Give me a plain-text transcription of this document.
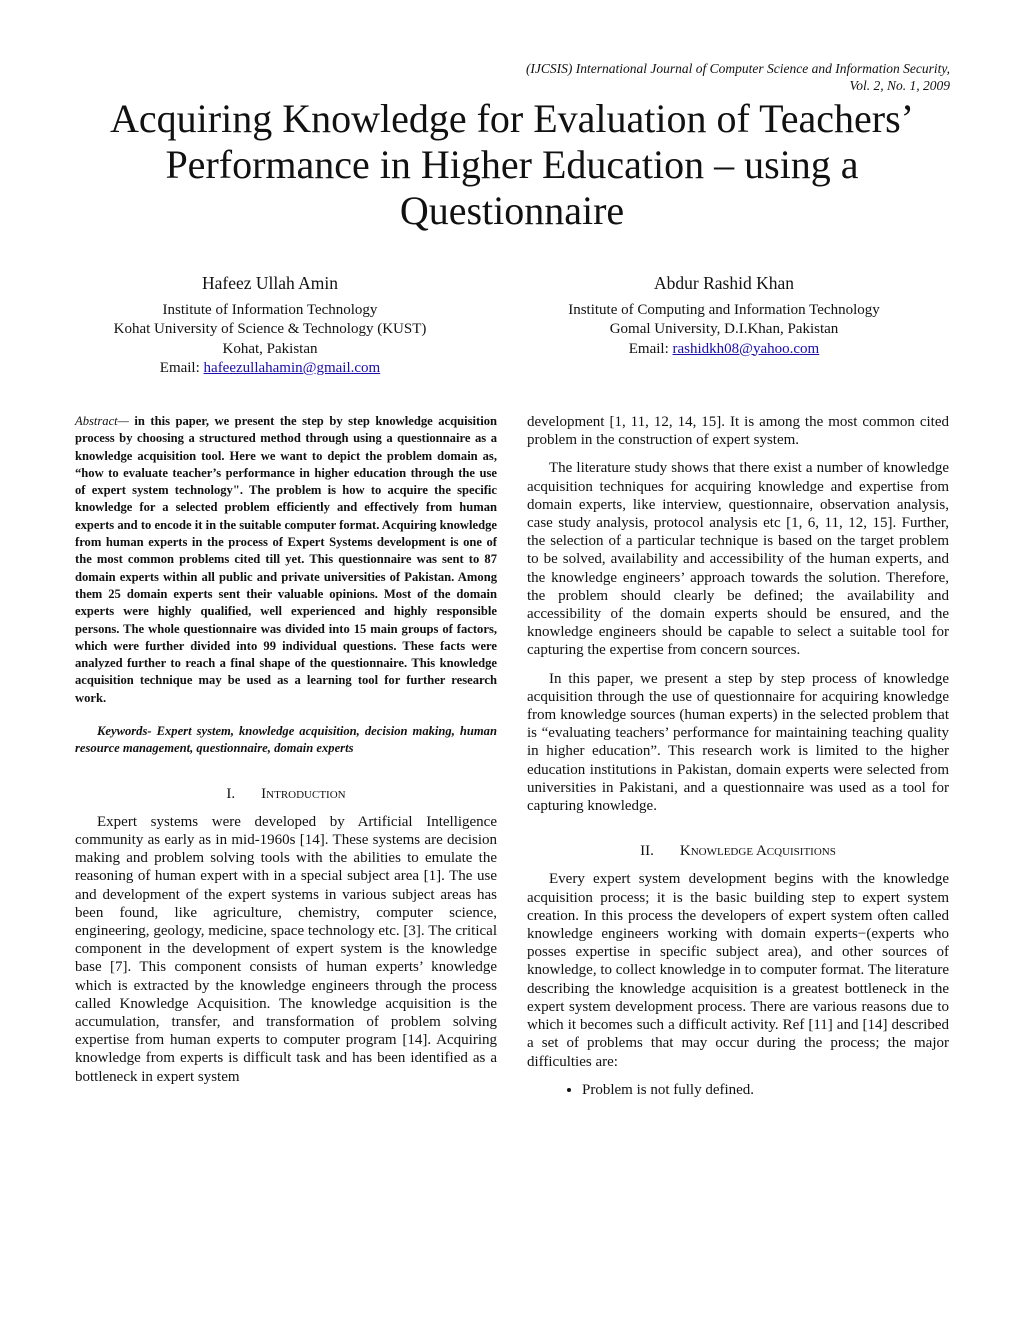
(IJCSIS) International Journal of Computer Science and Information Security,
Vol. 2, No. 1, 2009
Acquiring Knowledge for Evaluation of Teachers’ Performance in Higher Education – using a Questionnaire
Hafeez Ullah Amin
Institute of Information Technology
Kohat University of Science & Technology (KUST)
Kohat, Pakistan
Email: hafeezullahamin@gmail.com
Abdur Rashid Khan
Institute of Computing and Information Technology
Gomal University, D.I.Khan, Pakistan
Email: rashidkh08@yahoo.com
Abstract— in this paper, we present the step by step knowledge acquisition process by choosing a structured method through using a questionnaire as a knowledge acquisition tool. Here we want to depict the problem domain as, “how to evaluate teacher’s performance in higher education through the use of expert system technology". The problem is how to acquire the specific knowledge for a selected problem efficiently and effectively from human experts and to encode it in the suitable computer format. Acquiring knowledge from human experts in the process of Expert Systems development is one of the most common problems cited till yet. This questionnaire was sent to 87 domain experts within all public and private universities of Pakistan. Among them 25 domain experts sent their valuable opinions. Most of the domain experts were highly qualified, well experienced and highly responsible persons. The whole questionnaire was divided into 15 main groups of factors, which were further divided into 99 individual questions. These facts were analyzed further to reach a final shape of the questionnaire. This knowledge acquisition technique may be used as a learning tool for further research work.
Keywords- Expert system, knowledge acquisition, decision making, human resource management, questionnaire, domain experts
I. Introduction

Expert systems were developed by Artificial Intelligence community as early as in mid-1960s [14]. These systems are decision making and problem solving tools with the abilities to emulate the reasoning of human expert with in a special subject area [1]. The use and development of the expert systems in various subject areas has been found, like agriculture, chemistry, computer science, engineering, geology, medicine, space technology etc. [3]. The critical component in the development of expert system is the knowledge base [7]. This component consists of human experts’ knowledge which is extracted by the knowledge engineers through the process called Knowledge Acquisition. The knowledge acquisition is the accumulation, transfer, and transformation of problem solving expertise from human experts to computer program [14]. Acquiring knowledge from experts is difficult task and has been identified as a bottleneck in expert system

development [1, 11, 12, 14, 15]. It is among the most common cited problem in the construction of expert system.

The literature study shows that there exist a number of knowledge acquisition techniques for acquiring knowledge and expertise from domain experts, like interview, questionnaire, observation analysis, case study analysis, protocol analysis etc [1, 6, 11, 12, 15]. Further, the selection of a particular technique is based on the target problem to be solved, availability and accessibility of the human experts, and the knowledge engineers’ approach towards the solution. Therefore, the problem should clearly be defined; the availability and accessibility of the domain experts should be ensured, and the knowledge engineers should be capable to select a suitable tool for capturing the expertise from concern sources.

In this paper, we present a step by step process of knowledge acquisition through the use of questionnaire for acquiring knowledge from knowledge sources (human experts) in the selected problem that is “evaluating teachers’ performance for maintaining teaching quality in higher education”. This research work is limited to the higher education institutions in Pakistan, domain experts were selected from universities in Pakistani, and a questionnaire was used as a tool for capturing knowledge.

II. Knowledge Acquisitions

Every expert system development begins with the knowledge acquisition process; it is the basic building step to expert system creation. In this process the developers of expert system often called knowledge engineers working with domain experts−(experts who posses expertise in specific subject area), and other sources of knowledge, to collect knowledge in to computer format. The literature describing the knowledge acquisition is a greatest bottleneck in the expert system development process. There are various reasons due to which it becomes such a difficult activity. Ref [11] and [14] described a set of problems that may occur during the process; the major difficulties are:

• Problem is not fully defined.
